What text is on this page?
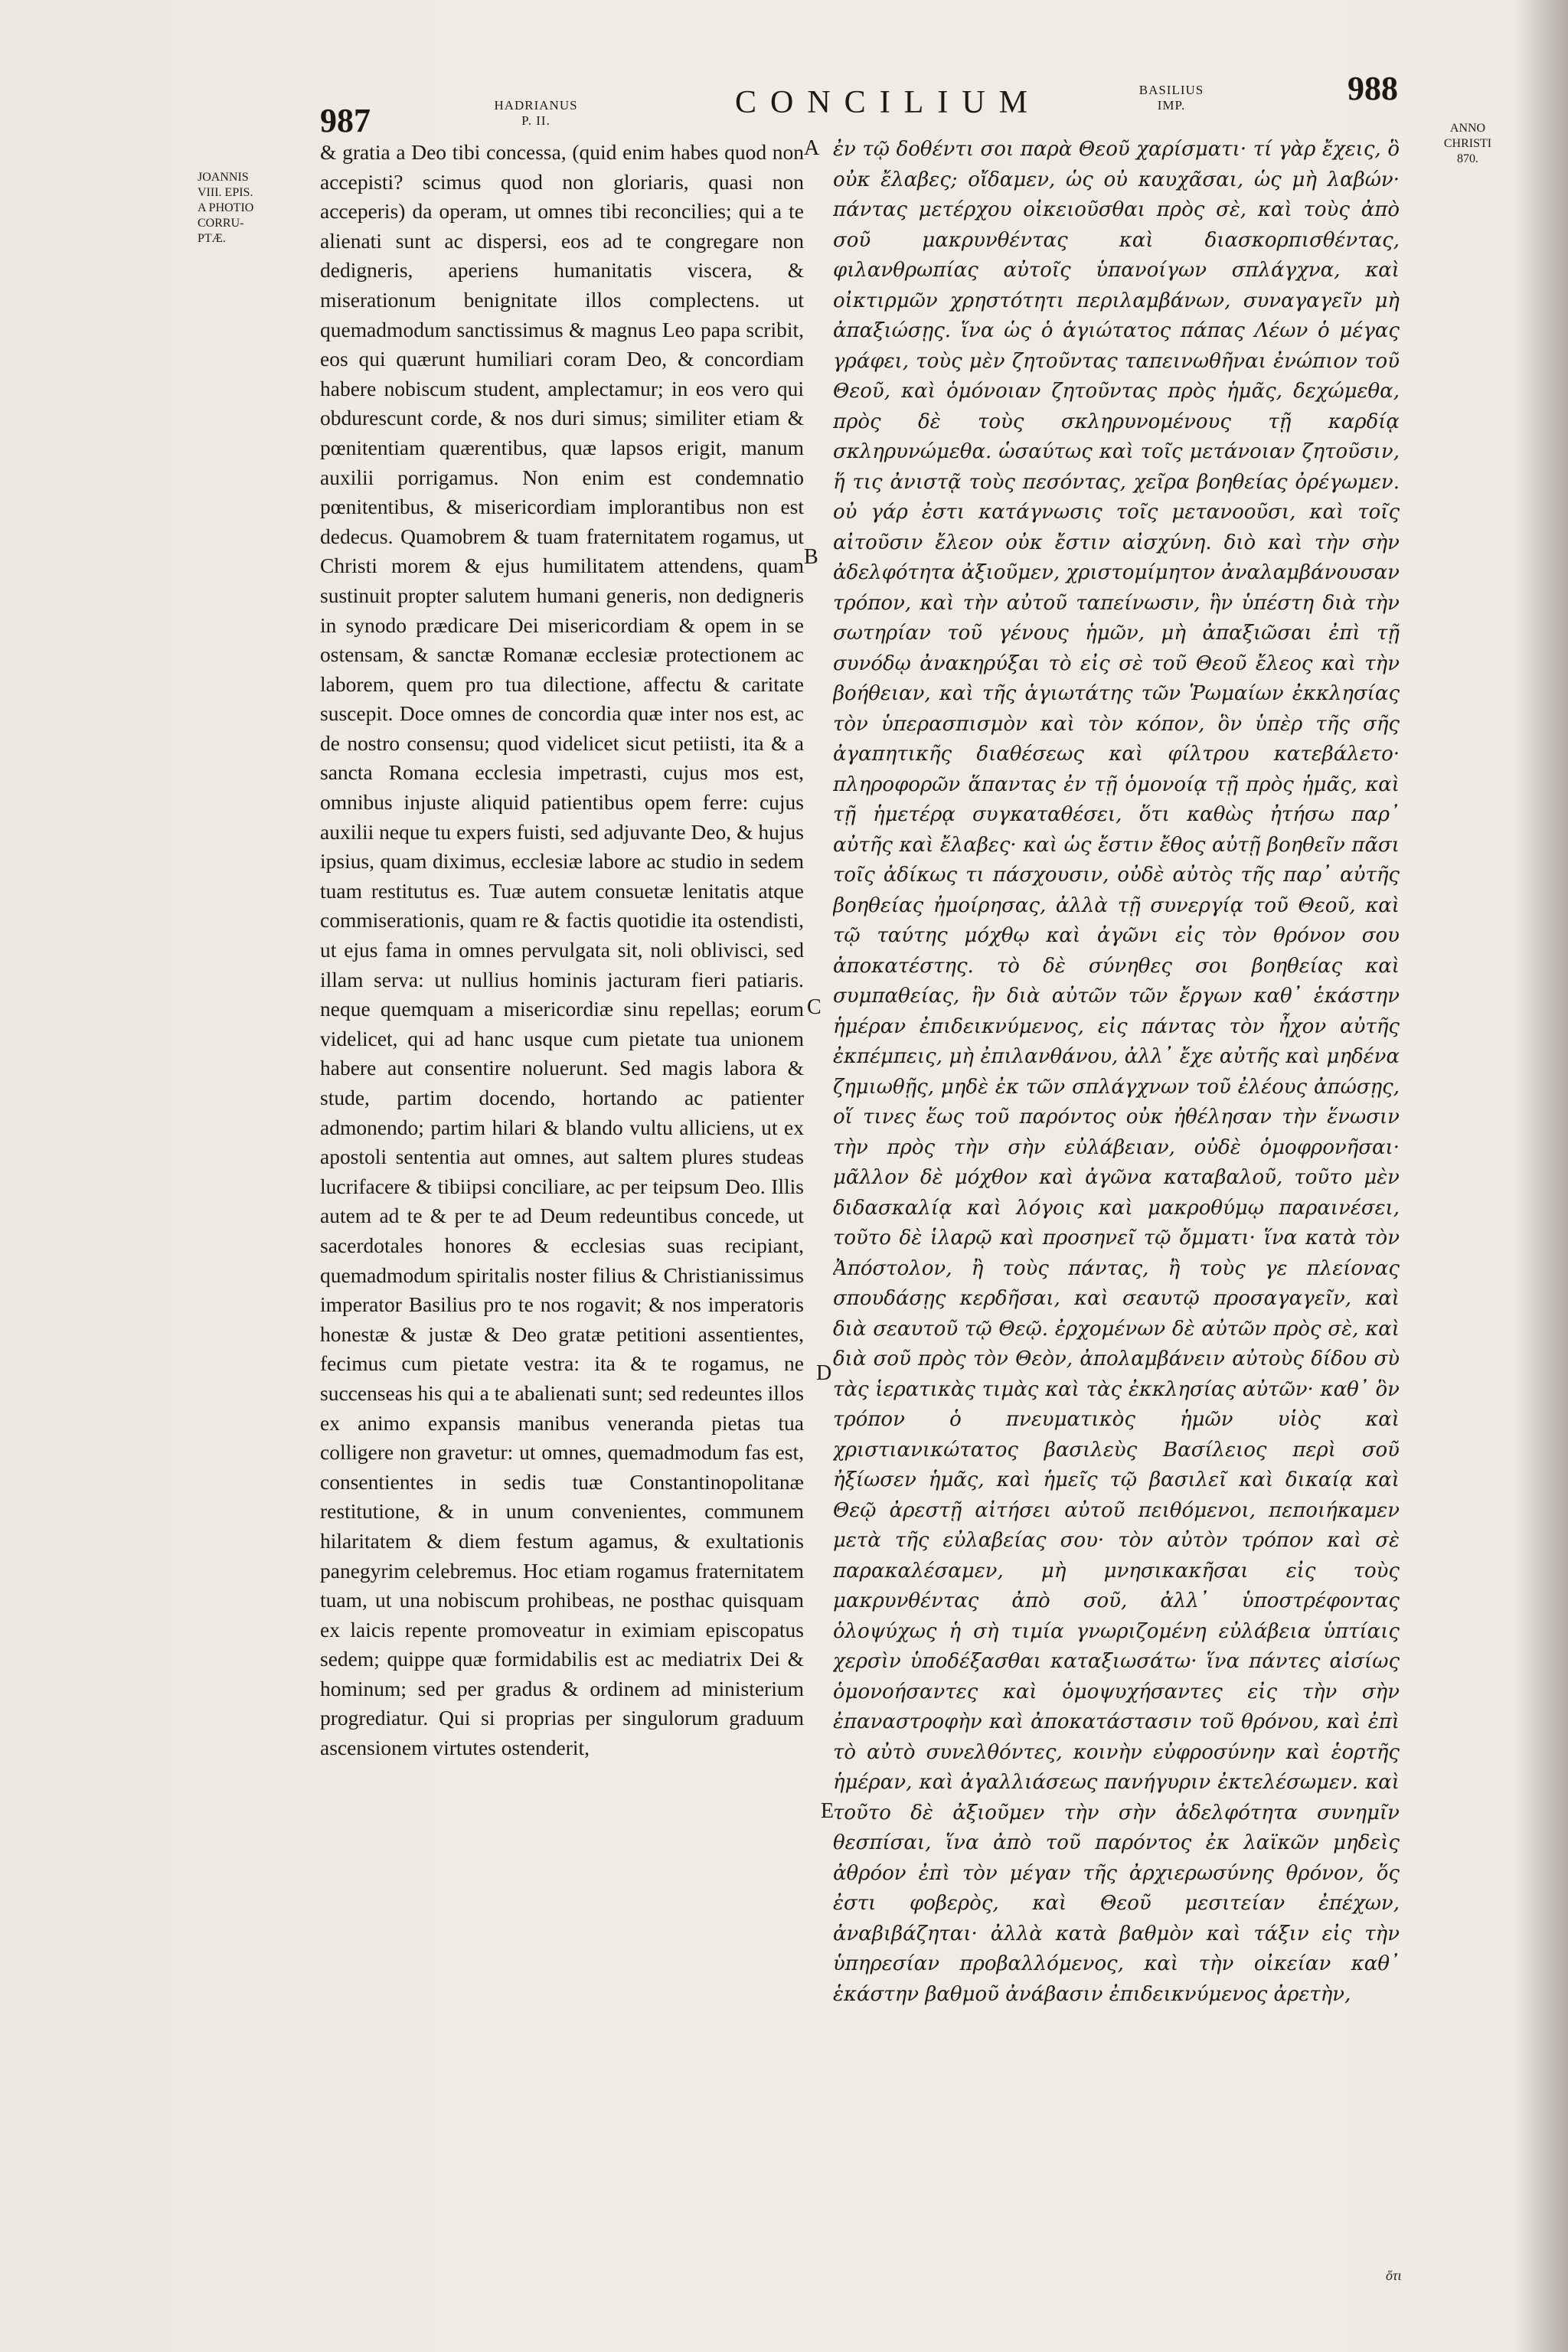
987	HADRIANUS
P. II.
CONCILIUM	BASILIUS
IMP.	988
JOANNIS
VIII. EPIS.
A PHOTIO
CORRU-
PTÆ.
ANNO
CHRISTI
870.
A
B
C
D
E

& gratia a Deo tibi concessa, (quid enim habes quod non accepisti? scimus quod non gloriaris, quasi non acceperis) da operam, ut omnes tibi reconcilies; qui a te alienati sunt ac dispersi, eos ad te congregare non dedigneris, aperiens humanitatis viscera, & miserationum benignitate illos complectens. ut quemadmodum sanctissimus & magnus Leo papa scribit, eos qui quærunt humiliari coram Deo, & concordiam habere nobiscum student, amplectamur; in eos vero qui obdurescunt corde, & nos duri simus; similiter etiam & pœnitentiam quærentibus, quæ lapsos erigit, manum auxilii porrigamus. Non enim est condemnatio pœnitentibus, & misericordiam implorantibus non est dedecus. Quamobrem & tuam fraternitatem rogamus, ut Christi morem & ejus humilitatem attendens, quam sustinuit propter salutem humani generis, non dedigneris in synodo prædicare Dei misericordiam & opem in se ostensam, & sanctæ Romanæ ecclesiæ protectionem ac laborem, quem pro tua dilectione, affectu & caritate suscepit. Doce omnes de concordia quæ inter nos est, ac de nostro consensu; quod videlicet sicut petiisti, ita & a sancta Romana ecclesia impetrasti, cujus mos est, omnibus injuste aliquid patientibus opem ferre: cujus auxilii neque tu expers fuisti, sed adjuvante Deo, & hujus ipsius, quam diximus, ecclesiæ labore ac studio in sedem tuam restitutus es. Tuæ autem consuetæ lenitatis atque commiserationis, quam re & factis quotidie ita ostendisti, ut ejus fama in omnes pervulgata sit, noli oblivisci, sed illam serva: ut nullius hominis jacturam fieri patiaris. neque quemquam a misericordiæ sinu repellas; eorum videlicet, qui ad hanc usque cum pietate tua unionem habere aut consentire noluerunt. Sed magis labora & stude, partim docendo, hortando ac patienter admonendo; partim hilari & blando vultu alliciens, ut ex apostoli sententia aut omnes, aut saltem plures studeas lucrifacere & tibiipsi conciliare, ac per teipsum Deo. Illis autem ad te & per te ad Deum redeuntibus concede, ut sacerdotales honores & ecclesias suas recipiant, quemadmodum spiritalis noster filius & Christianissimus imperator Basilius pro te nos rogavit; & nos imperatoris honestæ & justæ & Deo gratæ petitioni assentientes, fecimus cum pietate vestra: ita & te rogamus, ne succenseas his qui a te abalienati sunt; sed redeuntes illos ex animo expansis manibus veneranda pietas tua colligere non gravetur: ut omnes, quemadmodum fas est, consentientes in sedis tuæ Constantinopolitanæ restitutione, & in unum convenientes, communem hilaritatem & diem festum agamus, & exultationis panegyrim celebremus. Hoc etiam rogamus fraternitatem tuam, ut una nobiscum prohibeas, ne posthac quisquam ex laicis repente promoveatur in eximiam episcopatus sedem; quippe quæ formidabilis est ac mediatrix Dei & hominum; sed per gradus & ordinem ad ministerium progrediatur. Qui si proprias per singulorum graduum ascensionem virtutes ostenderit,

ἐν τῷ δοθέντι σοι παρὰ Θεοῦ χαρίσματι· τί γὰρ ἔχεις, ὃ οὐκ ἔλαβες; οἴδαμεν, ὡς οὐ καυχᾶσαι, ὡς μὴ λαβών· πάντας μετέρχου οἰκειοῦσθαι πρὸς σὲ, καὶ τοὺς ἀπὸ σοῦ μακρυνθέντας καὶ διασκορπισθέντας, φιλανθρωπίας αὐτοῖς ὑπανοίγων σπλάγχνα, καὶ οἰκτιρμῶν χρηστότητι περιλαμβάνων, συναγαγεῖν μὴ ἀπαξιώσῃς. ἵνα ὡς ὁ ἁγιώτατος πάπας Λέων ὁ μέγας γράφει, τοὺς μὲν ζητοῦντας ταπεινωθῆναι ἐνώπιον τοῦ Θεοῦ, καὶ ὁμόνοιαν ζητοῦντας πρὸς ἡμᾶς, δεχώμεθα, πρὸς δὲ τοὺς σκληρυνομένους τῇ καρδίᾳ σκληρυνώμεθα. ὡσαύτως καὶ τοῖς μετάνοιαν ζητοῦσιν, ἥ τις ἀνιστᾷ τοὺς πεσόντας, χεῖρα βοηθείας ὀρέγωμεν. οὐ γάρ ἐστι κατάγνωσις τοῖς μετανοοῦσι, καὶ τοῖς αἰτοῦσιν ἔλεον οὐκ ἔστιν αἰσχύνη. διὸ καὶ τὴν σὴν ἀδελφότητα ἀξιοῦμεν, χριστομίμητον ἀναλαμβάνουσαν τρόπον, καὶ τὴν αὐτοῦ ταπείνωσιν, ἣν ὑπέστη διὰ τὴν σωτηρίαν τοῦ γένους ἡμῶν, μὴ ἀπαξιῶσαι ἐπὶ τῇ συνόδῳ ἀνακηρύξαι τὸ εἰς σὲ τοῦ Θεοῦ ἔλεος καὶ τὴν βοήθειαν, καὶ τῆς ἁγιωτάτης τῶν Ῥωμαίων ἐκκλησίας τὸν ὑπερασπισμὸν καὶ τὸν κόπον, ὃν ὑπὲρ τῆς σῆς ἀγαπητικῆς διαθέσεως καὶ φίλτρου κατεβάλετο· πληροφορῶν ἅπαντας ἐν τῇ ὁμονοίᾳ τῇ πρὸς ἡμᾶς, καὶ τῇ ἡμετέρᾳ συγκαταθέσει, ὅτι καθὼς ἠτήσω παρ᾽ αὐτῆς καὶ ἔλαβες· καὶ ὡς ἔστιν ἔθος αὐτῇ βοηθεῖν πᾶσι τοῖς ἀδίκως τι πάσχουσιν, οὐδὲ αὐτὸς τῆς παρ᾽ αὐτῆς βοηθείας ἠμοίρησας, ἀλλὰ τῇ συνεργίᾳ τοῦ Θεοῦ, καὶ τῷ ταύτης μόχθῳ καὶ ἀγῶνι εἰς τὸν θρόνον σου ἀποκατέστης. τὸ δὲ σύνηθες σοι βοηθείας καὶ συμπαθείας, ἣν διὰ αὐτῶν τῶν ἔργων καθ᾽ ἑκάστην ἡμέραν ἐπιδεικνύμενος, εἰς πάντας τὸν ἦχον αὐτῆς ἐκπέμπεις, μὴ ἐπιλανθάνου, ἀλλ᾽ ἔχε αὐτῆς καὶ μηδένα ζημιωθῇς, μηδὲ ἐκ τῶν σπλάγχνων τοῦ ἐλέους ἀπώσῃς, οἵ τινες ἕως τοῦ παρόντος οὐκ ἠθέλησαν τὴν ἕνωσιν τὴν πρὸς τὴν σὴν εὐλάβειαν, οὐδὲ ὁμοφρονῆσαι· μᾶλλον δὲ μόχθον καὶ ἀγῶνα καταβαλοῦ, τοῦτο μὲν διδασκαλίᾳ καὶ λόγοις καὶ μακροθύμῳ παραινέσει, τοῦτο δὲ ἱλαρῷ καὶ προσηνεῖ τῷ ὄμματι· ἵνα κατὰ τὸν Ἀπόστολον, ἢ τοὺς πάντας, ἢ τοὺς γε πλείονας σπουδάσῃς κερδῆσαι, καὶ σεαυτῷ προσαγαγεῖν, καὶ διὰ σεαυτοῦ τῷ Θεῷ. ἐρχομένων δὲ αὐτῶν πρὸς σὲ, καὶ διὰ σοῦ πρὸς τὸν Θεὸν, ἀπολαμβάνειν αὐτοὺς δίδου σὺ τὰς ἱερατικὰς τιμὰς καὶ τὰς ἐκκλησίας αὐτῶν· καθ᾽ ὃν τρόπον ὁ πνευματικὸς ἡμῶν υἱὸς καὶ χριστιανικώτατος βασιλεὺς Βασίλειος περὶ σοῦ ἠξίωσεν ἡμᾶς, καὶ ἡμεῖς τῷ βασιλεῖ καὶ δικαίᾳ καὶ Θεῷ ἀρεστῇ αἰτήσει αὐτοῦ πειθόμενοι, πεποιήκαμεν μετὰ τῆς εὐλαβείας σου· τὸν αὐτὸν τρόπον καὶ σὲ παρακαλέσαμεν, μὴ μνησικακῆσαι εἰς τοὺς μακρυνθέντας ἀπὸ σοῦ, ἀλλ᾽ ὑποστρέφοντας ὁλοψύχως ἡ σὴ τιμία γνωριζομένη εὐλάβεια ὑπτίαις χερσὶν ὑποδέξασθαι καταξιωσάτω· ἵνα πάντες αἰσίως ὁμονοήσαντες καὶ ὁμοψυχήσαντες εἰς τὴν σὴν ἐπαναστροφὴν καὶ ἀποκατάστασιν τοῦ θρόνου, καὶ ἐπὶ τὸ αὐτὸ συνελθόντες, κοινὴν εὐφροσύνην καὶ ἑορτῆς ἡμέραν, καὶ ἀγαλλιάσεως πανήγυριν ἐκτελέσωμεν. καὶ τοῦτο δὲ ἀξιοῦμεν τὴν σὴν ἀδελφότητα συνημῖν θεσπίσαι, ἵνα ἀπὸ τοῦ παρόντος ἐκ λαϊκῶν μηδεὶς ἀθρόον ἐπὶ τὸν μέγαν τῆς ἀρχιερωσύνης θρόνον, ὅς ἐστι φοβερὸς, καὶ Θεοῦ μεσιτείαν ἐπέχων, ἀναβιβάζηται· ἀλλὰ κατὰ βαθμὸν καὶ τάξιν εἰς τὴν ὑπηρεσίαν προβαλλόμενος, καὶ τὴν οἰκείαν καθ᾽ ἑκάστην βαθμοῦ ἀνάβασιν ἐπιδεικνύμενος ἀρετὴν,

ὅτι
